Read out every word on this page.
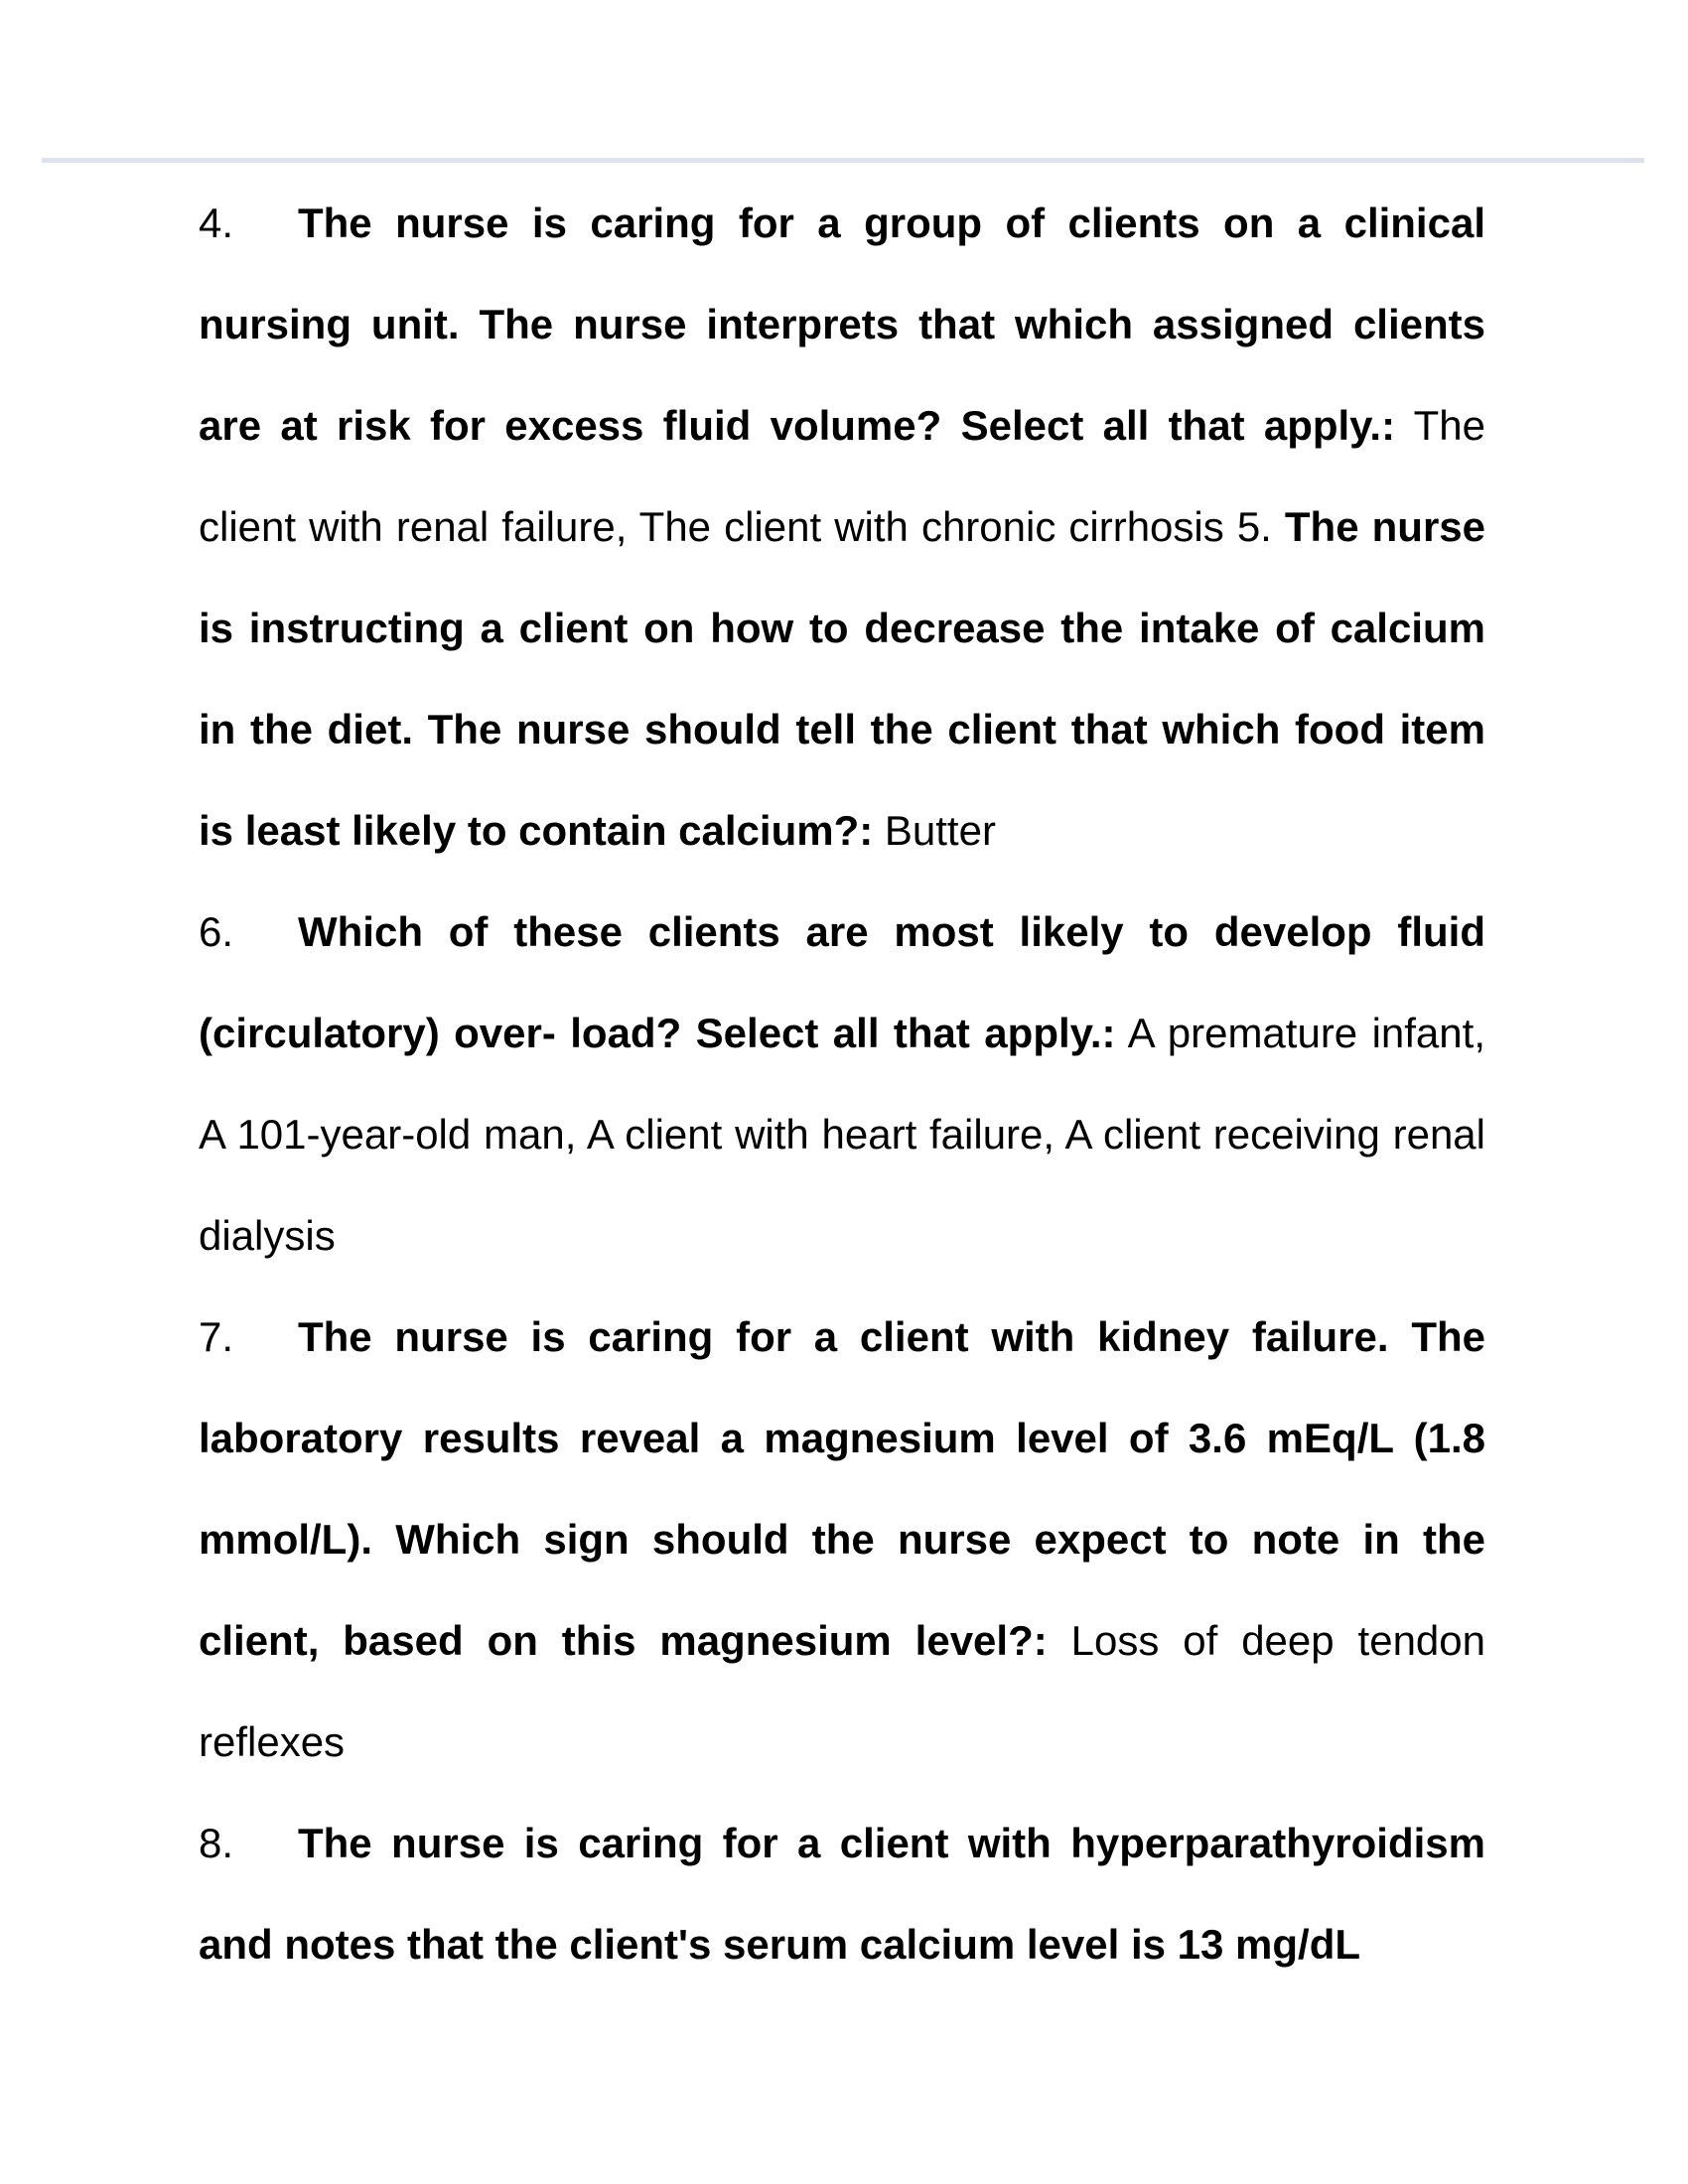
4. The nurse is caring for a group of clients on a clinical nursing unit. The nurse interprets that which assigned clients are at risk for excess fluid volume? Select all that apply.: The client with renal failure, The client with chronic cirrhosis 5. The nurse is instructing a client on how to decrease the intake of calcium in the diet. The nurse should tell the client that which food item is least likely to contain calcium?: Butter

6. Which of these clients are most likely to develop fluid (circulatory) over- load? Select all that apply.: A premature infant, A 101-year-old man, A client with heart failure, A client receiving renal dialysis

7. The nurse is caring for a client with kidney failure. The laboratory results reveal a magnesium level of 3.6 mEq/L (1.8 mmol/L). Which sign should the nurse expect to note in the client, based on this magnesium level?: Loss of deep tendon reflexes

8. The nurse is caring for a client with hyperparathyroidism and notes that the client's serum calcium level is 13 mg/dL
